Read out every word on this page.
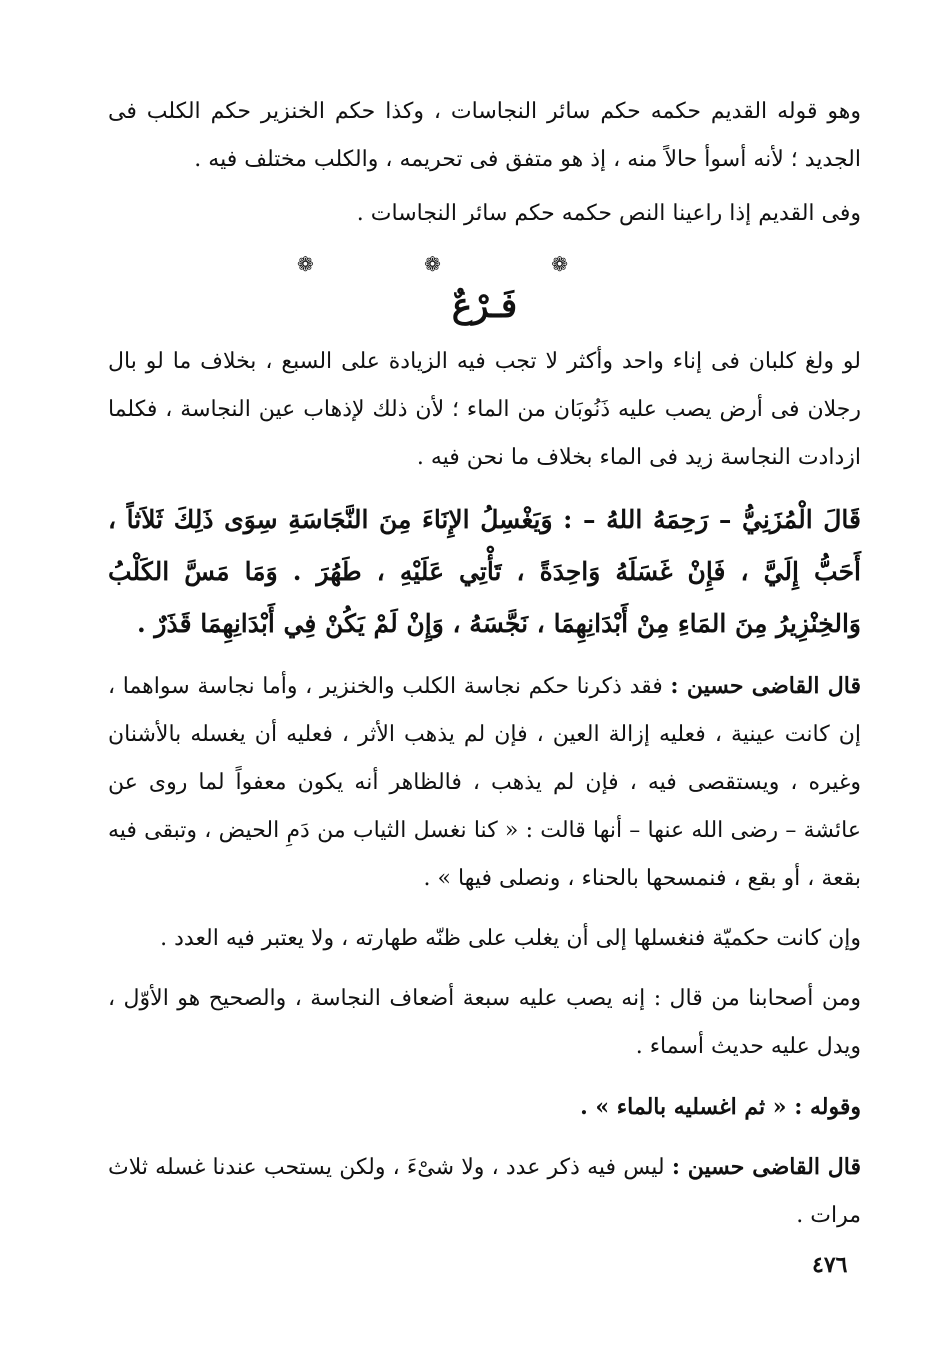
وهو قوله القديم حكمه حكم سائر النجاسات ، وكذا حكم الخنزير حكم الكلب فى الجديد ؛ لأنه أسوأ حالاً منه ، إذ هو متفق فى تحريمه ، والكلب مختلف فيه .

وفى القديم إذا راعينا النص حكمه حكم سائر النجاسات .

❁ ❁ ❁
فَـرْعٌ

لو ولغ كلبان فى إناء واحد وأكثر لا تجب فيه الزيادة على السبع ، بخلاف ما لو بال رجلان فى أرض يصب عليه ذَنُوبَان من الماء ؛ لأن ذلك لإذهاب عين النجاسة ، فكلما ازدادت النجاسة زيد فى الماء بخلاف ما نحن فيه .

قَالَ الْمُزَنِيُّ – رَحِمَهُ اللهُ – : وَيَغْسِلُ الإِنَاءَ مِنَ النَّجَاسَةِ سِوَى ذَلِكَ ثَلاَثاً ، أَحَبُّ إِلَيَّ ، فَإِنْ غَسَلَهُ وَاحِدَةً ، تَأْتِي عَلَيْهِ ، طَهُرَ . وَمَا مَسَّ الكَلْبُ وَالخِنْزِيرُ مِنَ المَاءِ مِنْ أَبْدَانِهِمَا ، نَجَّسَهُ ، وَإِنْ لَمْ يَكُنْ فِي أَبْدَانِهِمَا قَذَرٌ .

قال القاضى حسين : فقد ذكرنا حكم نجاسة الكلب والخنزير ، وأما نجاسة سواهما ، إن كانت عينية ، فعليه إزالة العين ، فإن لم يذهب الأثر ، فعليه أن يغسله بالأشنان وغيره ، ويستقصى فيه ، فإن لم يذهب ، فالظاهر أنه يكون معفواً لما روى عن عائشة – رضى الله عنها – أنها قالت : « كنا نغسل الثياب من دَمِ الحيض ، وتبقى فيه بقعة ، أو بقع ، فنمسحها بالحناء ، ونصلى فيها » .

وإن كانت حكميّة فنغسلها إلى أن يغلب على ظنّه طهارته ، ولا يعتبر فيه العدد .

ومن أصحابنا من قال : إنه يصب عليه سبعة أضعاف النجاسة ، والصحيح هو الأوّل ، ويدل عليه حديث أسماء .

وقوله : « ثم اغسليه بالماء » .

قال القاضى حسين : ليس فيه ذكر عدد ، ولا شىْءَ ، ولكن يستحب عندنا غسله ثلاث مرات .

٤٧٦
